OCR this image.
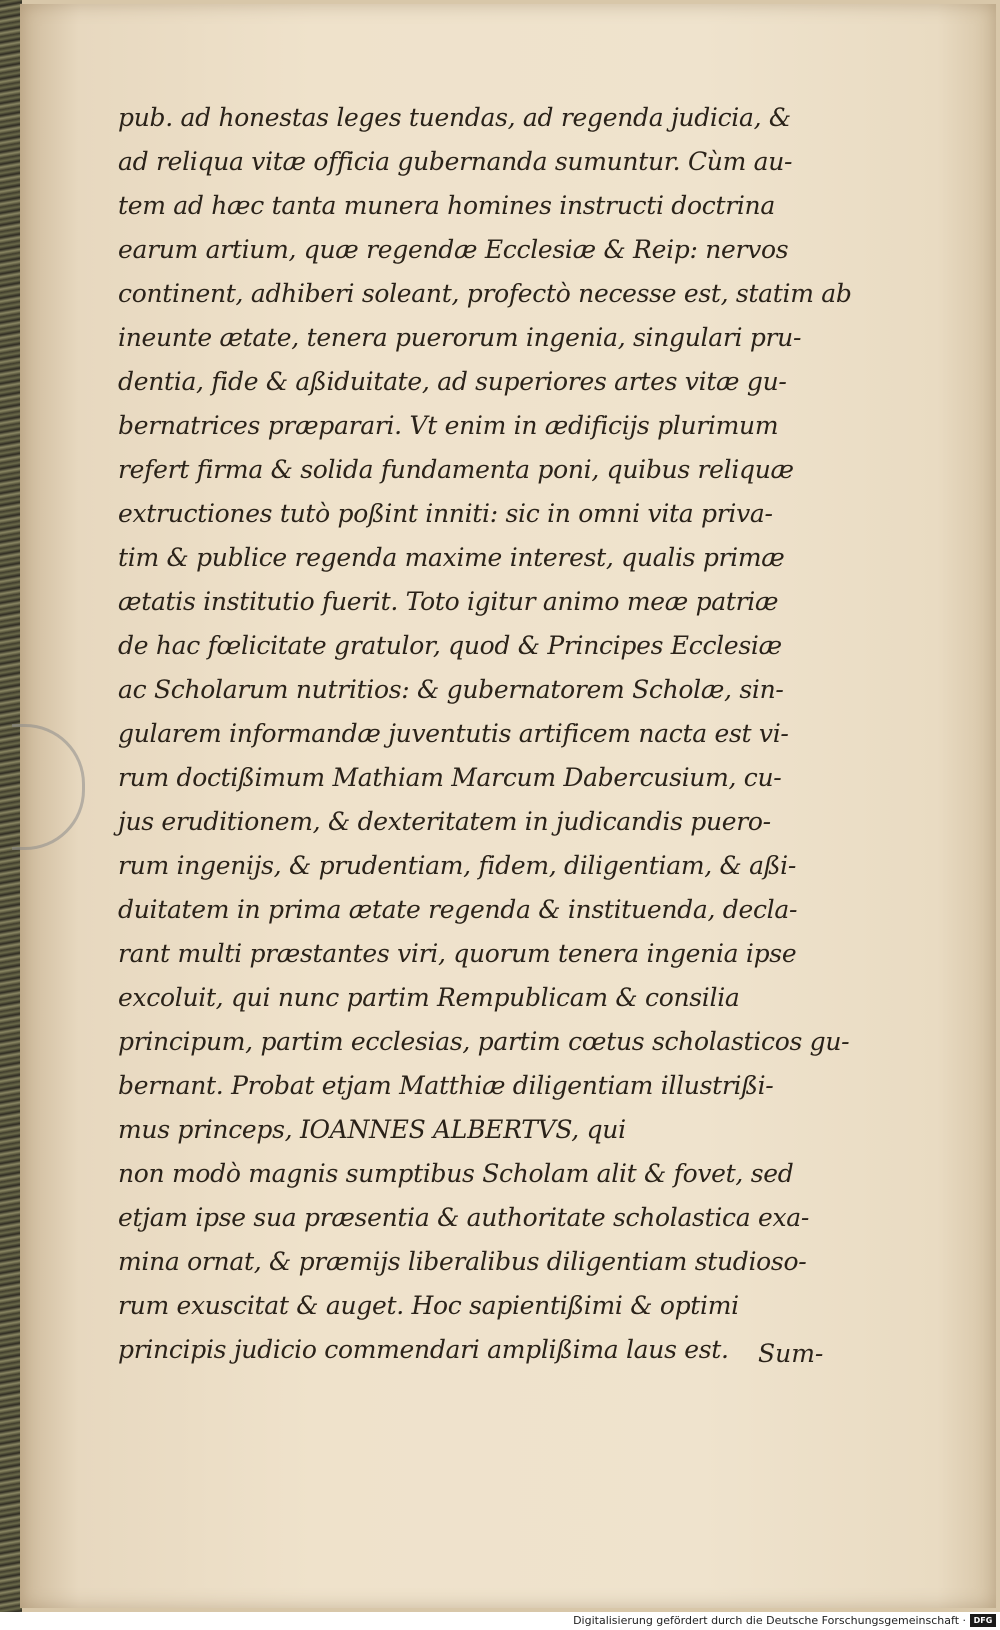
pub. ad honestas leges tuendas, ad regenda judicia, &
ad reliqua vitæ officia gubernanda sumuntur. Cùm au-
tem ad hæc tanta munera homines instructi doctrina
earum artium, quæ regendæ Ecclesiæ & Reip: nervos
continent, adhiberi soleant, profectò necesse est, statim ab
ineunte ætate, tenera puerorum ingenia, singulari pru-
dentia, fide & aßiduitate, ad superiores artes vitæ gu-
bernatrices præparari. Vt enim in ædificijs plurimum
refert firma & solida fundamenta poni, quibus reliquæ
extructiones tutò poßint inniti: sic in omni vita priva-
tim & publice regenda maxime interest, qualis primæ
ætatis institutio fuerit. Toto igitur animo meæ patriæ
de hac fœlicitate gratulor, quod & Principes Ecclesiæ
ac Scholarum nutritios: & gubernatorem Scholæ, sin-
gularem informandæ juventutis artificem nacta est vi-
rum doctißimum Mathiam Marcum Dabercusium, cu-
jus eruditionem, & dexteritatem in judicandis puero-
rum ingenijs, & prudentiam, fidem, diligentiam, & aßi-
duitatem in prima ætate regenda & instituenda, decla-
rant multi præstantes viri, quorum tenera ingenia ipse
excoluit, qui nunc partim Rempublicam & consilia
principum, partim ecclesias, partim cœtus scholasticos gu-
bernant. Probat etjam Matthiæ diligentiam illustrißi-
mus princeps, IOANNES ALBERTVS, qui
non modò magnis sumptibus Scholam alit & fovet, sed
etjam ipse sua præsentia & authoritate scholastica exa-
mina ornat, & præmijs liberalibus diligentiam studioso-
rum exuscitat & auget. Hoc sapientißimi & optimi
principis judicio commendari amplißima laus est.	Sum-
Digitalisierung gefördert durch die Deutsche Forschungsgemeinschaft · DFG
